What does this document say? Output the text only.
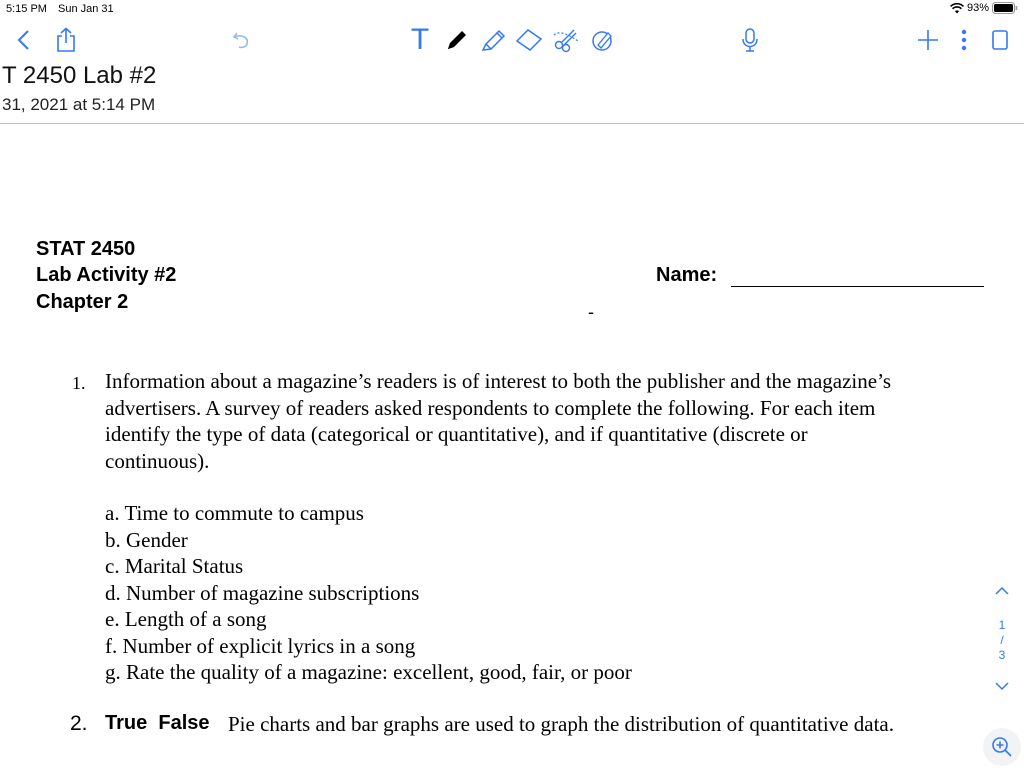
5:15 PM Sun Jan 31	93%
T
T 2450 Lab #2
31, 2021 at 5:14 PM
STAT 2450
Lab Activity #2
Chapter 2
Name:
-
1. Information about a magazine’s readers is of interest to both the publisher and the magazine’s
advertisers. A survey of readers asked respondents to complete the following. For each item
identify the type of data (categorical or quantitative), and if quantitative (discrete or
continuous).
a. Time to commute to campus
b. Gender
c. Marital Status
d. Number of magazine subscriptions
e. Length of a song
f. Number of explicit lyrics in a song
g. Rate the quality of a magazine: excellent, good, fair, or poor
2. True  False Pie charts and bar graphs are used to graph the distribution of quantitative data.
1
/
3
